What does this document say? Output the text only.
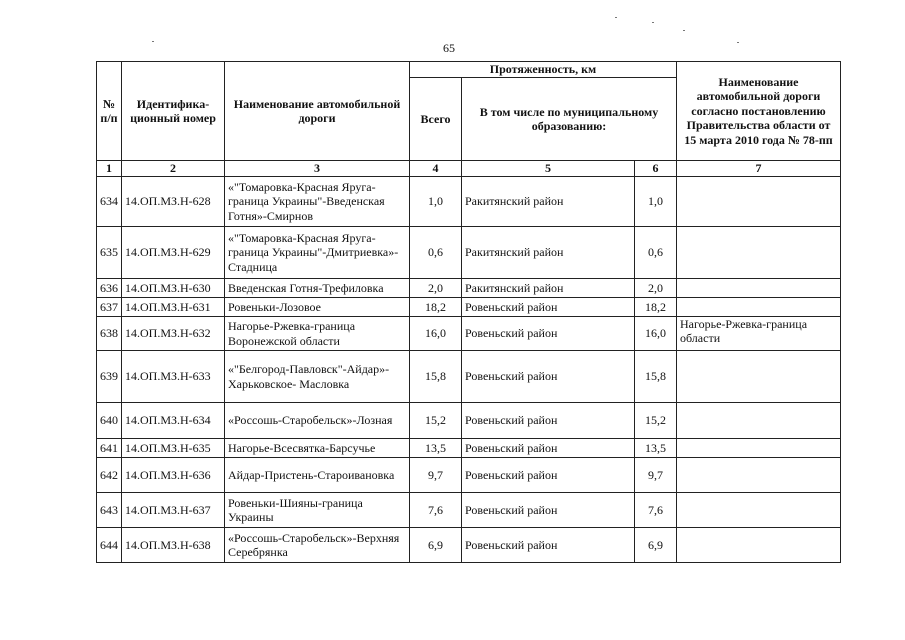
65
№ п/п	Идентифика-ционный номер	Наименование автомобильной дороги	Протяженность, км			Наименование автомобильной дороги согласно постановлению Правительства области от 15 марта 2010 года № 78-пп
			Всего	В том числе по муниципальному образованию:		
1	2	3	4	5	6	7
634	14.ОП.МЗ.Н-628	«"Томаровка-Красная Яруга-граница Украины"-Введенская Готня»-Смирнов	1,0	Ракитянский район	1,0	
635	14.ОП.МЗ.Н-629	«"Томаровка-Красная Яруга-граница Украины"-Дмитриевка»-Стадница	0,6	Ракитянский район	0,6	
636	14.ОП.МЗ.Н-630	Введенская Готня-Трефиловка	2,0	Ракитянский район	2,0	
637	14.ОП.МЗ.Н-631	Ровеньки-Лозовое	18,2	Ровеньский район	18,2	
638	14.ОП.МЗ.Н-632	Нагорье-Ржевка-граница Воронежской области	16,0	Ровеньский район	16,0	Нагорье-Ржевка-граница области
639	14.ОП.МЗ.Н-633	«"Белгород-Павловск"-Айдар»-Харьковское- Масловка	15,8	Ровеньский район	15,8	
640	14.ОП.МЗ.Н-634	«Россошь-Старобельск»-Лозная	15,2	Ровеньский район	15,2	
641	14.ОП.МЗ.Н-635	Нагорье-Всесвятка-Барсучье	13,5	Ровеньский район	13,5	
642	14.ОП.МЗ.Н-636	Айдар-Пристень-Староивановка	9,7	Ровеньский район	9,7	
643	14.ОП.МЗ.Н-637	Ровеньки-Шияны-граница Украины	7,6	Ровеньский район	7,6	
644	14.ОП.МЗ.Н-638	«Россошь-Старобельск»-Верхняя Серебрянка	6,9	Ровеньский район	6,9	
